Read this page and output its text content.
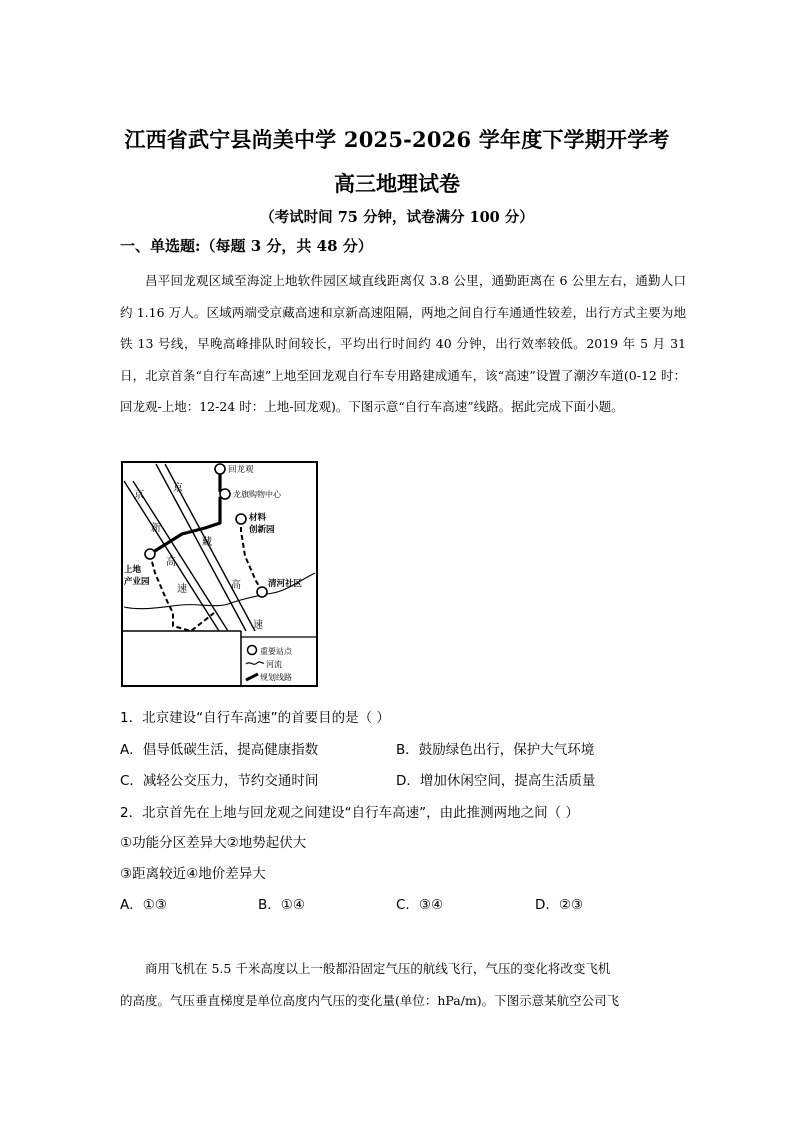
江西省武宁县尚美中学 2025-2026 学年度下学期开学考
高三地理试卷
（考试时间 75 分钟，试卷满分 100 分）
一、单选题:（每题 3 分，共 48 分）

昌平回龙观区域至海淀上地软件园区域直线距离仅 3.8 公里，通勤距离在 6 公里左右，通勤人口约 1.16 万人。区域两端受京藏高速和京新高速阻隔，两地之间自行车通通性较差，出行方式主要为地铁 13 号线，早晚高峰排队时间较长，平均出行时间约 40 分钟，出行效率较低。2019 年 5 月 31 日，北京首条“自行车高速”上地至回龙观自行车专用路建成通车，该“高速”设置了潮汐车道(0-12 时：回龙观-上地：12-24 时：上地-回龙观)。下图示意“自行车高速”线路。据此完成下面小题。

回龙观
龙旗购物中心
材料
创新园
上地
产业园	清河社区
京
新
高
速
京
藏
高
速
重要站点
河流
规划线路
1．北京建设“自行车高速”的首要目的是（ ）
A．倡导低碳生活，提高健康指数	B．鼓励绿色出行，保护大气环境
C．减轻公交压力，节约交通时间	D．增加休闲空间，提高生活质量
2．北京首先在上地与回龙观之间建设“自行车高速”，由此推测两地之间（ ）
①功能分区差异大②地势起伏大
③距离较近④地价差异大
A．①③	B．①④	C．③④	D．②③

商用飞机在 5.5 千米高度以上一般都沿固定气压的航线飞行，气压的变化将改变飞机

的高度。气压垂直梯度是单位高度内气压的变化量(单位：hPa/m)。下图示意某航空公司飞
